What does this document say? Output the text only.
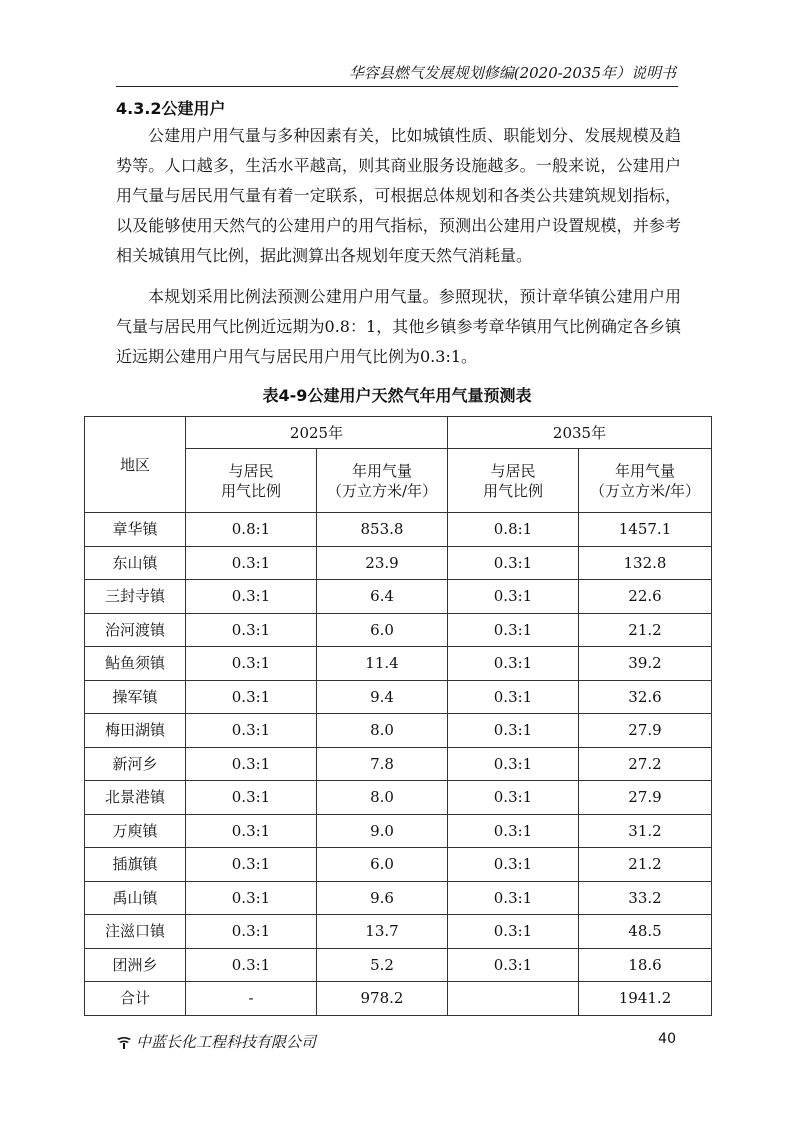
华容县燃气发展规划修编(2020-2035年）说明书
4.3.2公建用户

公建用户用气量与多种因素有关，比如城镇性质、职能划分、发展规模及趋势等。人口越多，生活水平越高，则其商业服务设施越多。一般来说，公建用户用气量与居民用气量有着一定联系，可根据总体规划和各类公共建筑规划指标，以及能够使用天然气的公建用户的用气指标，预测出公建用户设置规模，并参考相关城镇用气比例，据此测算出各规划年度天然气消耗量。

本规划采用比例法预测公建用户用气量。参照现状，预计章华镇公建用户用气量与居民用气比例近远期为0.8：1，其他乡镇参考章华镇用气比例确定各乡镇近远期公建用户用气与居民用户用气比例为0.3:1。

表4-9公建用户天然气年用气量预测表
地区	2025年		2035年	
	与居民
用气比例	年用气量
（万立方米/年）	与居民
用气比例	年用气量
（万立方米/年）
章华镇	0.8:1	853.8	0.8:1	1457.1
东山镇	0.3:1	23.9	0.3:1	132.8
三封寺镇	0.3:1	6.4	0.3:1	22.6
治河渡镇	0.3:1	6.0	0.3:1	21.2
鲇鱼须镇	0.3:1	11.4	0.3:1	39.2
操军镇	0.3:1	9.4	0.3:1	32.6
梅田湖镇	0.3:1	8.0	0.3:1	27.9
新河乡	0.3:1	7.8	0.3:1	27.2
北景港镇	0.3:1	8.0	0.3:1	27.9
万庾镇	0.3:1	9.0	0.3:1	31.2
插旗镇	0.3:1	6.0	0.3:1	21.2
禹山镇	0.3:1	9.6	0.3:1	33.2
注滋口镇	0.3:1	13.7	0.3:1	48.5
团洲乡	0.3:1	5.2	0.3:1	18.6
合计	-	978.2		1941.2
中蓝长化工程科技有限公司	40
